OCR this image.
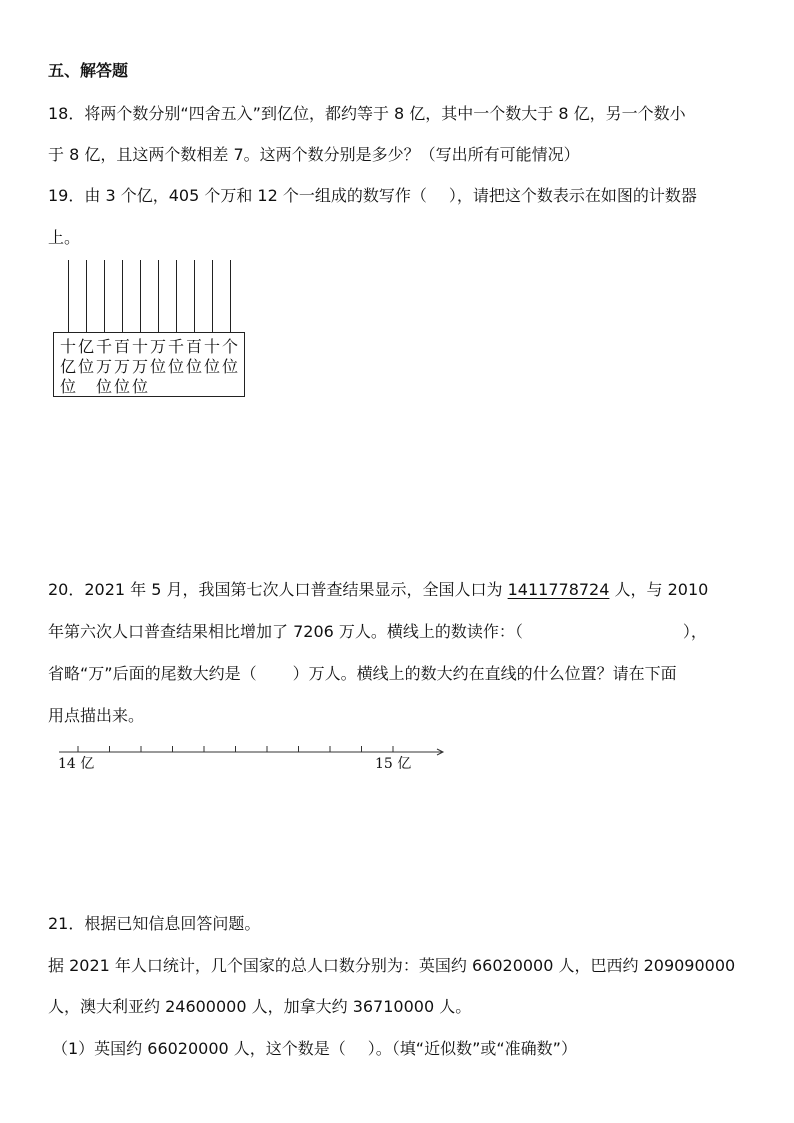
五、解答题
18．将两个数分别“四舍五入”到亿位，都约等于 8 亿，其中一个数大于 8 亿，另一个数小
于 8 亿，且这两个数相差 7。这两个数分别是多少？（写出所有可能情况）
19．由 3 个亿，405 个万和 12 个一组成的数写作（ ），请把这个数表示在如图的计数器
上。
十
亿
位
亿
位
千
万
位
百
万
位
十
万
位
万
位
千
位
百
位
十
位
个
位
20．2021 年 5 月，我国第七次人口普查结果显示，全国人口为 1411778724 人，与 2010
年第六次人口普查结果相比增加了 7206 万人。横线上的数读作：（	），
省略“万”后面的尾数大约是（ ）万人。横线上的数大约在直线的什么位置？请在下面
用点描出来。
14 亿	15 亿
21．根据已知信息回答问题。
据 2021 年人口统计，几个国家的总人口数分别为：英国约 66020000 人，巴西约 209090000
人，澳大利亚约 24600000 人，加拿大约 36710000 人。
（1）英国约 66020000 人，这个数是（ ）。（填“近似数”或“准确数”）
